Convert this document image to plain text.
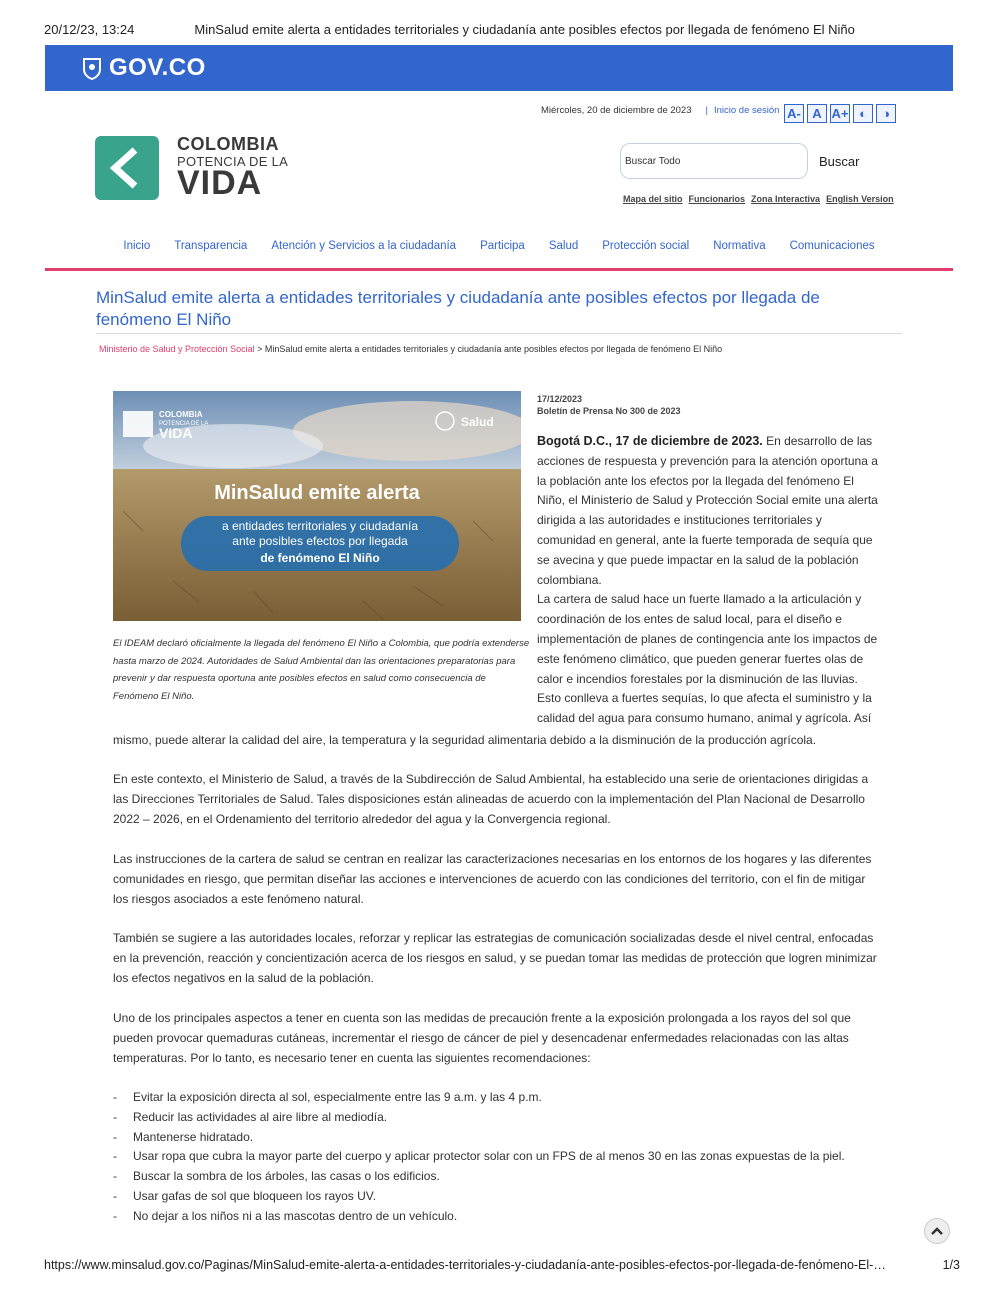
20/12/23, 13:24	MinSalud emite alerta a entidades territoriales y ciudadanía ante posibles efectos por llegada de fenómeno El Niño
GOV.CO
Miércoles, 20 de diciembre de 2023 | Inicio de sesión A- A A+ ◐	◑
COLOMBIA
POTENCIA DE LA
VIDA
Buscar Todo	Buscar
Mapa del sitio Funcionarios Zona Interactiva English Version
Inicio Transparencia Atención y Servicios a la ciudadanía Participa Salud Protección social Normativa Comunicaciones
MinSalud emite alerta a entidades territoriales y ciudadanía ante posibles efectos por llegada de fenómeno El Niño
Ministerio de Salud y Protección Social > MinSalud emite alerta a entidades territoriales y ciudadanía ante posibles efectos por llegada de fenómeno El Niño
COLOMBIA
POTENCIA DE LA
VIDA
Salud
MinSalud emite alerta
a entidades territoriales y ciudadanía
ante posibles efectos por llegada
de fenómeno El Niño
El IDEAM declaró oficialmente la llegada del fenómeno El Niño a Colombia, que podría extenderse hasta marzo de 2024. Autoridades de Salud Ambiental dan las orientaciones preparatorias para prevenir y dar respuesta oportuna ante posibles efectos en salud como consecuencia de Fenómeno El Niño.
17/12/2023
Boletín de Prensa No 300 de 2023
Bogotá D.C., 17 de diciembre de 2023. En desarrollo de las acciones de respuesta y prevención para la atención oportuna a la población ante los efectos por la llegada del fenómeno El Niño, el Ministerio de Salud y Protección Social emite una alerta dirigida a las autoridades e instituciones territoriales y comunidad en general, ante la fuerte temporada de sequía que se avecina y que puede impactar en la salud de la población colombiana.
La cartera de salud hace un fuerte llamado a la articulación y coordinación de los entes de salud local, para el diseño e implementación de planes de contingencia ante los impactos de este fenómeno climático, que pueden generar fuertes olas de calor e incendios forestales por la disminución de las lluvias. Esto conlleva a fuertes sequías, lo que afecta el suministro y la calidad del agua para consumo humano, animal y agrícola. Así
mismo, puede alterar la calidad del aire, la temperatura y la seguridad alimentaria debido a la disminución de la producción agrícola.
En este contexto, el Ministerio de Salud, a través de la Subdirección de Salud Ambiental, ha establecido una serie de orientaciones dirigidas a las Direcciones Territoriales de Salud. Tales disposiciones están alineadas de acuerdo con la implementación del Plan Nacional de Desarrollo 2022 – 2026, en el Ordenamiento del territorio alrededor del agua y la Convergencia regional.
Las instrucciones de la cartera de salud se centran en realizar las caracterizaciones necesarias en los entornos de los hogares y las diferentes comunidades en riesgo, que permitan diseñar las acciones e intervenciones de acuerdo con las condiciones del territorio, con el fin de mitigar los riesgos asociados a este fenómeno natural.
También se sugiere a las autoridades locales, reforzar y replicar las estrategias de comunicación socializadas desde el nivel central, enfocadas en la prevención, reacción y concientización acerca de los riesgos en salud, y se puedan tomar las medidas de protección que logren minimizar los efectos negativos en la salud de la población.
Uno de los principales aspectos a tener en cuenta son las medidas de precaución frente a la exposición prolongada a los rayos del sol que pueden provocar quemaduras cutáneas, incrementar el riesgo de cáncer de piel y desencadenar enfermedades relacionadas con las altas temperaturas. Por lo tanto, es necesario tener en cuenta las siguientes recomendaciones:
-	Evitar la exposición directa al sol, especialmente entre las 9 a.m. y las 4 p.m.
-	Reducir las actividades al aire libre al mediodía.
-	Mantenerse hidratado.
-	Usar ropa que cubra la mayor parte del cuerpo y aplicar protector solar con un FPS de al menos 30 en las zonas expuestas de la piel.
-	Buscar la sombra de los árboles, las casas o los edificios.
-	Usar gafas de sol que bloqueen los rayos UV.
-	No dejar a los niños ni a las mascotas dentro de un vehículo.
https://www.minsalud.gov.co/Paginas/MinSalud-emite-alerta-a-entidades-territoriales-y-ciudadanía-ante-posibles-efectos-por-llegada-de-fenómeno-El-…	1/3
